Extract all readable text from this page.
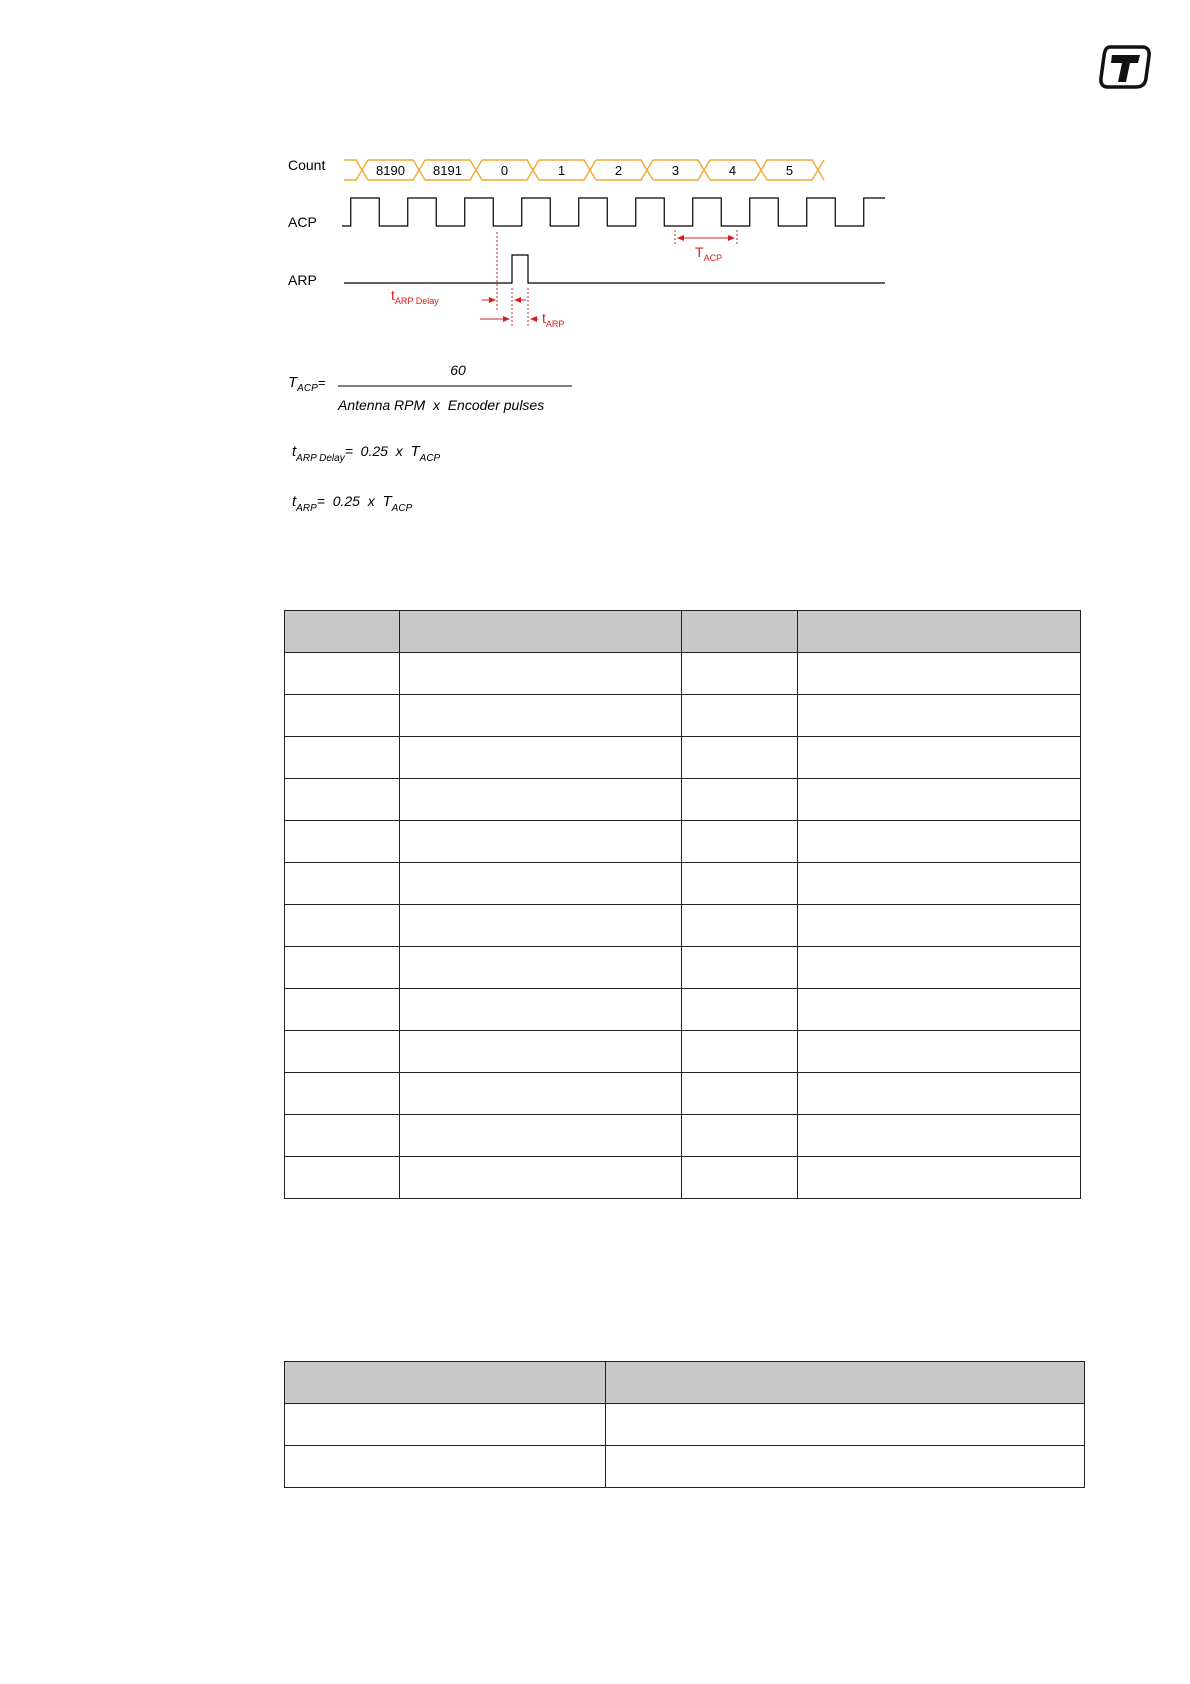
Count
ACP
ARP
8190 8191	0	1	2	3	4	5
$T_{ACP}$
$t_{ARP Delay}$
$t_{ARP}$
$T_{ACP}=$
60
Antenna RPM  x  Encoder pulses
$t_{ARP Delay}= 0.25$  x  $T_{ACP}$
$t_{ARP}= 0.25$  x  $T_{ACP}$
